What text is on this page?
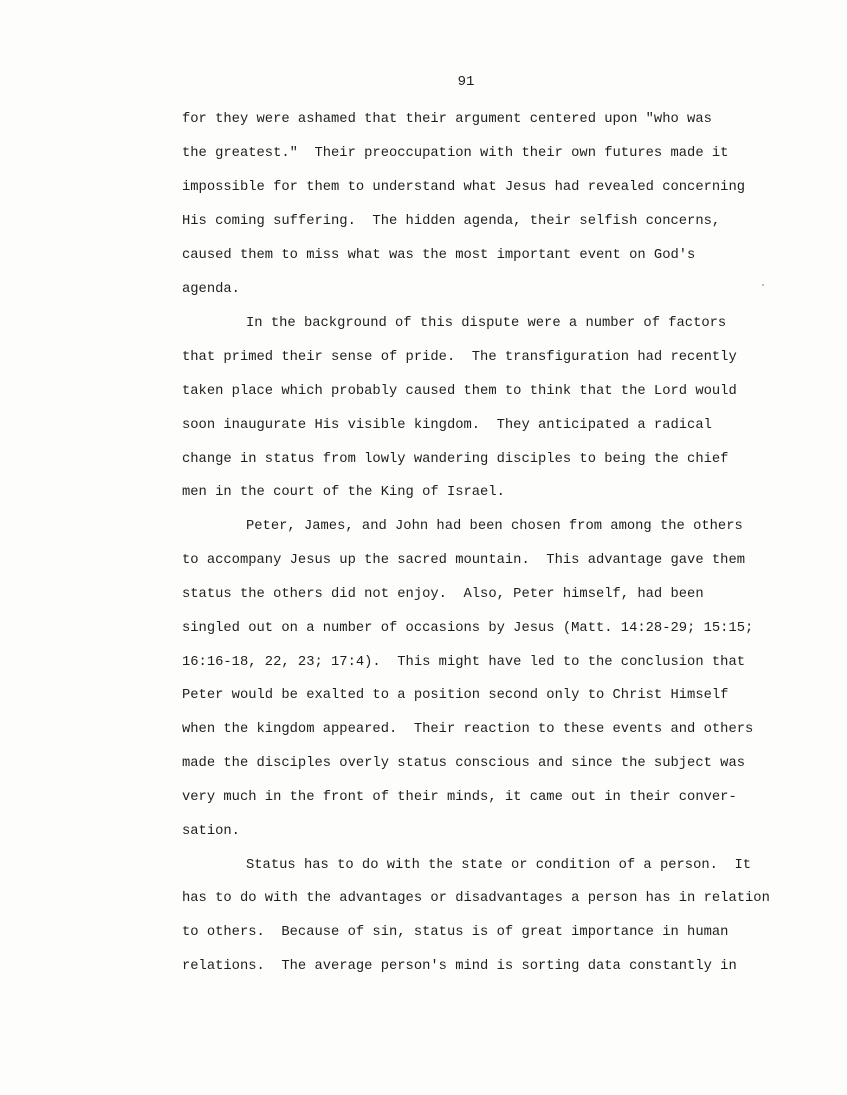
91
for they were ashamed that their argument centered upon "who was
the greatest."  Their preoccupation with their own futures made it
impossible for them to understand what Jesus had revealed concerning
His coming suffering.  The hidden agenda, their selfish concerns,
caused them to miss what was the most important event on God's
agenda.
In the background of this dispute were a number of factors
that primed their sense of pride.  The transfiguration had recently
taken place which probably caused them to think that the Lord would
soon inaugurate His visible kingdom.  They anticipated a radical
change in status from lowly wandering disciples to being the chief
men in the court of the King of Israel.
Peter, James, and John had been chosen from among the others
to accompany Jesus up the sacred mountain.  This advantage gave them
status the others did not enjoy.  Also, Peter himself, had been
singled out on a number of occasions by Jesus (Matt. 14:28-29; 15:15;
16:16-18, 22, 23; 17:4).  This might have led to the conclusion that
Peter would be exalted to a position second only to Christ Himself
when the kingdom appeared.  Their reaction to these events and others
made the disciples overly status conscious and since the subject was
very much in the front of their minds, it came out in their conver-
sation.
Status has to do with the state or condition of a person.  It
has to do with the advantages or disadvantages a person has in relation
to others.  Because of sin, status is of great importance in human
relations.  The average person's mind is sorting data constantly in
